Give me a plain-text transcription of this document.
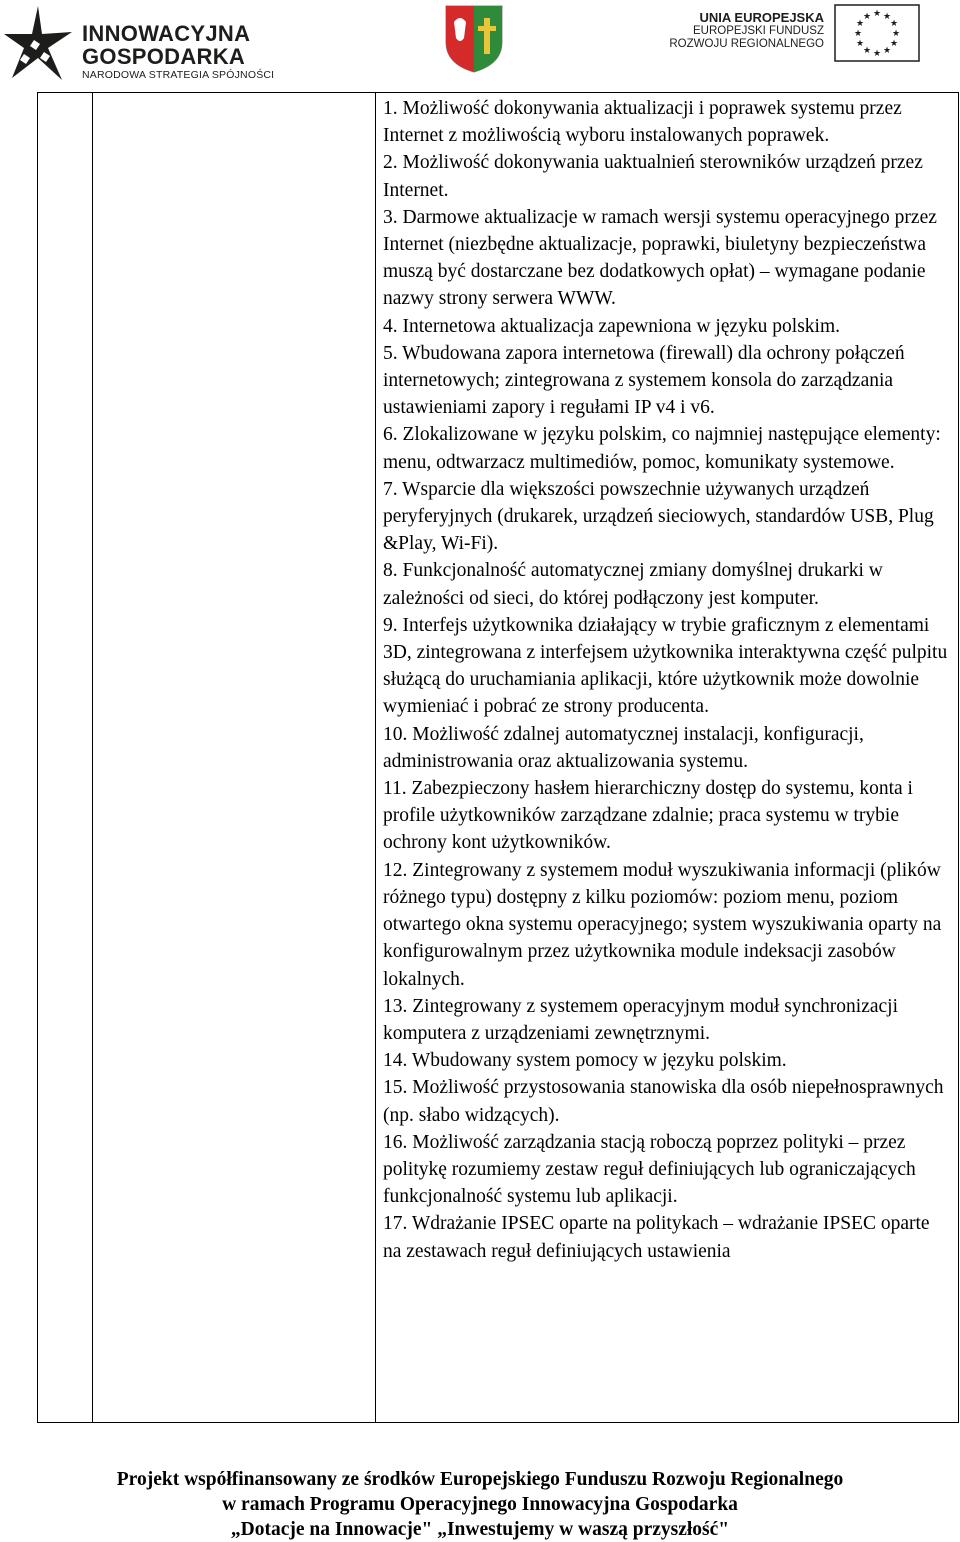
INNOWACYJNA
GOSPODARKA
NARODOWA STRATEGIA SPÓJNOŚCI
UNIA EUROPEJSKA
EUROPEJSKI FUNDUSZ
ROZWOJU REGIONALNEGO
★ ★
★
★
★
★
★
★
★
★
★
★

1. Możliwość dokonywania aktualizacji i poprawek systemu przez Internet z możliwością wyboru instalowanych poprawek.
2. Możliwość dokonywania uaktualnień sterowników urządzeń przez Internet.
3. Darmowe aktualizacje w ramach wersji systemu operacyjnego przez Internet (niezbędne aktualizacje, poprawki, biuletyny bezpieczeństwa muszą być dostarczane bez dodatkowych opłat) – wymagane podanie nazwy strony serwera WWW.
4. Internetowa aktualizacja zapewniona w języku polskim.
5. Wbudowana zapora internetowa (firewall) dla ochrony połączeń internetowych; zintegrowana z systemem konsola do zarządzania ustawieniami zapory i regułami IP v4 i v6.
6. Zlokalizowane w języku polskim, co najmniej następujące elementy: menu, odtwarzacz multimediów, pomoc, komunikaty systemowe.
7. Wsparcie dla większości powszechnie używanych urządzeń peryferyjnych (drukarek, urządzeń sieciowych, standardów USB, Plug &Play, Wi-Fi).
8. Funkcjonalność automatycznej zmiany domyślnej drukarki w zależności od sieci, do której podłączony jest komputer.
9. Interfejs użytkownika działający w trybie graficznym z elementami 3D, zintegrowana z interfejsem użytkownika interaktywna część pulpitu służącą do uruchamiania aplikacji, które użytkownik może dowolnie wymieniać i pobrać ze strony producenta.
10. Możliwość zdalnej automatycznej instalacji, konfiguracji, administrowania oraz aktualizowania systemu.
11. Zabezpieczony hasłem hierarchiczny dostęp do systemu, konta i profile użytkowników zarządzane zdalnie; praca systemu w trybie ochrony kont użytkowników.
12. Zintegrowany z systemem moduł wyszukiwania informacji (plików różnego typu) dostępny z kilku poziomów: poziom menu, poziom otwartego okna systemu operacyjnego; system wyszukiwania oparty na konfigurowalnym przez użytkownika module indeksacji zasobów lokalnych.
13. Zintegrowany z systemem operacyjnym moduł synchronizacji komputera z urządzeniami zewnętrznymi.
14. Wbudowany system pomocy w języku polskim.
15. Możliwość przystosowania stanowiska dla osób niepełnosprawnych (np. słabo widzących).
16. Możliwość zarządzania stacją roboczą poprzez polityki – przez politykę rozumiemy zestaw reguł definiujących lub ograniczających funkcjonalność systemu lub aplikacji.
17. Wdrażanie IPSEC oparte na politykach – wdrażanie IPSEC oparte na zestawach reguł definiujących ustawienia
Projekt współfinansowany ze środków Europejskiego Funduszu Rozwoju Regionalnego
w ramach Programu Operacyjnego Innowacyjna Gospodarka
„Dotacje na Innowacje" „Inwestujemy w waszą przyszłość"
